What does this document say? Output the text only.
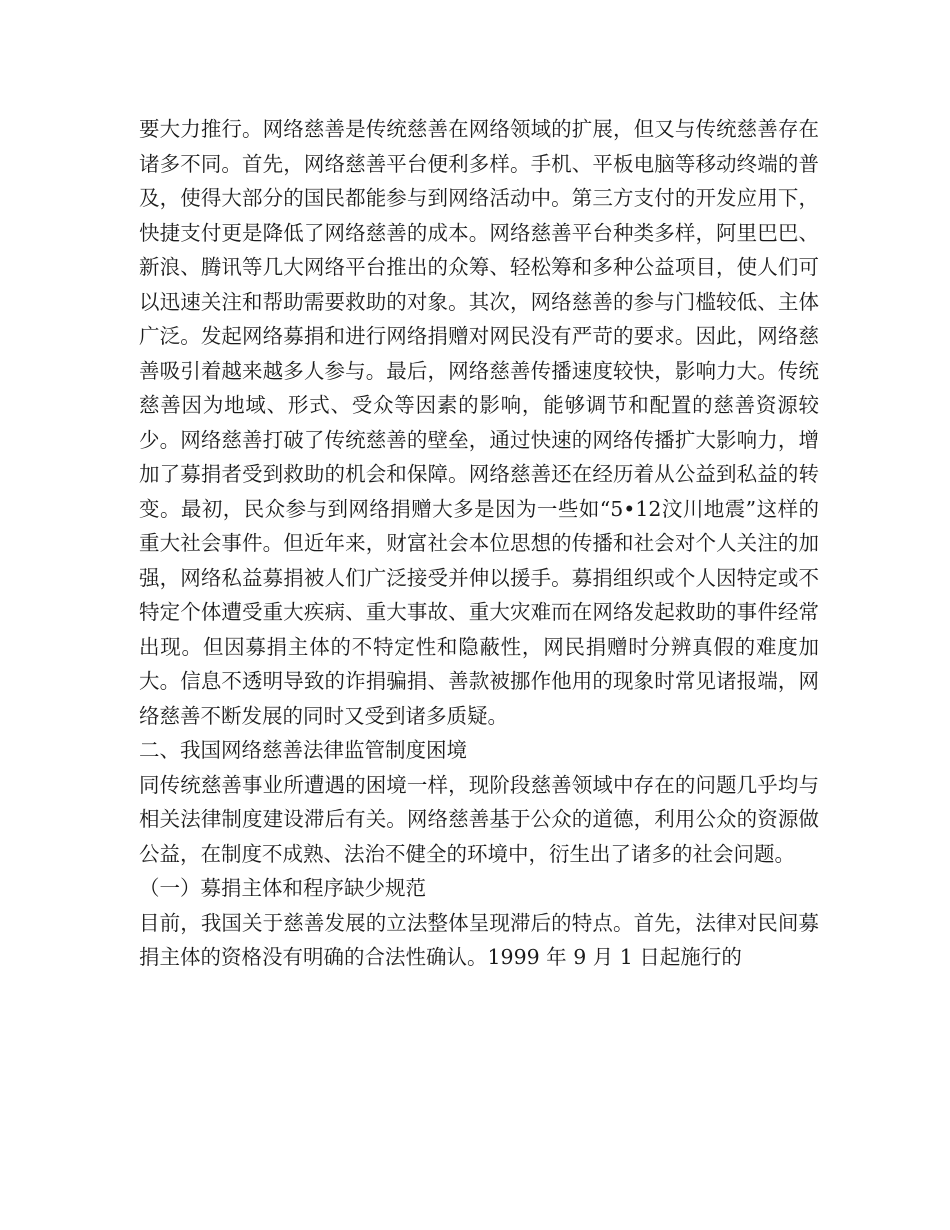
要大力推行。网络慈善是传统慈善在网络领域的扩展，但又与传统慈善存在诸多不同。首先，网络慈善平台便利多样。手机、平板电脑等移动终端的普及，使得大部分的国民都能参与到网络活动中。第三方支付的开发应用下，快捷支付更是降低了网络慈善的成本。网络慈善平台种类多样，阿里巴巴、新浪、腾讯等几大网络平台推出的众筹、轻松筹和多种公益项目，使人们可以迅速关注和帮助需要救助的对象。其次，网络慈善的参与门槛较低、主体广泛。发起网络募捐和进行网络捐赠对网民没有严苛的要求。因此，网络慈善吸引着越来越多人参与。最后，网络慈善传播速度较快，影响力大。传统慈善因为地域、形式、受众等因素的影响，能够调节和配置的慈善资源较少。网络慈善打破了传统慈善的壁垒，通过快速的网络传播扩大影响力，增加了募捐者受到救助的机会和保障。网络慈善还在经历着从公益到私益的转变。最初，民众参与到网络捐赠大多是因为一些如“5•12汶川地震”这样的重大社会事件。但近年来，财富社会本位思想的传播和社会对个人关注的加强，网络私益募捐被人们广泛接受并伸以援手。募捐组织或个人因特定或不特定个体遭受重大疾病、重大事故、重大灾难而在网络发起救助的事件经常出现。但因募捐主体的不特定性和隐蔽性，网民捐赠时分辨真假的难度加大。信息不透明导致的诈捐骗捐、善款被挪作他用的现象时常见诸报端，网络慈善不断发展的同时又受到诸多质疑。

二、我国网络慈善法律监管制度困境

同传统慈善事业所遭遇的困境一样，现阶段慈善领域中存在的问题几乎均与相关法律制度建设滞后有关。网络慈善基于公众的道德，利用公众的资源做公益，在制度不成熟、法治不健全的环境中，衍生出了诸多的社会问题。

（一）募捐主体和程序缺少规范

目前，我国关于慈善发展的立法整体呈现滞后的特点。首先，法律对民间募捐主体的资格没有明确的合法性确认。1999 年 9 月 1 日起施行的
